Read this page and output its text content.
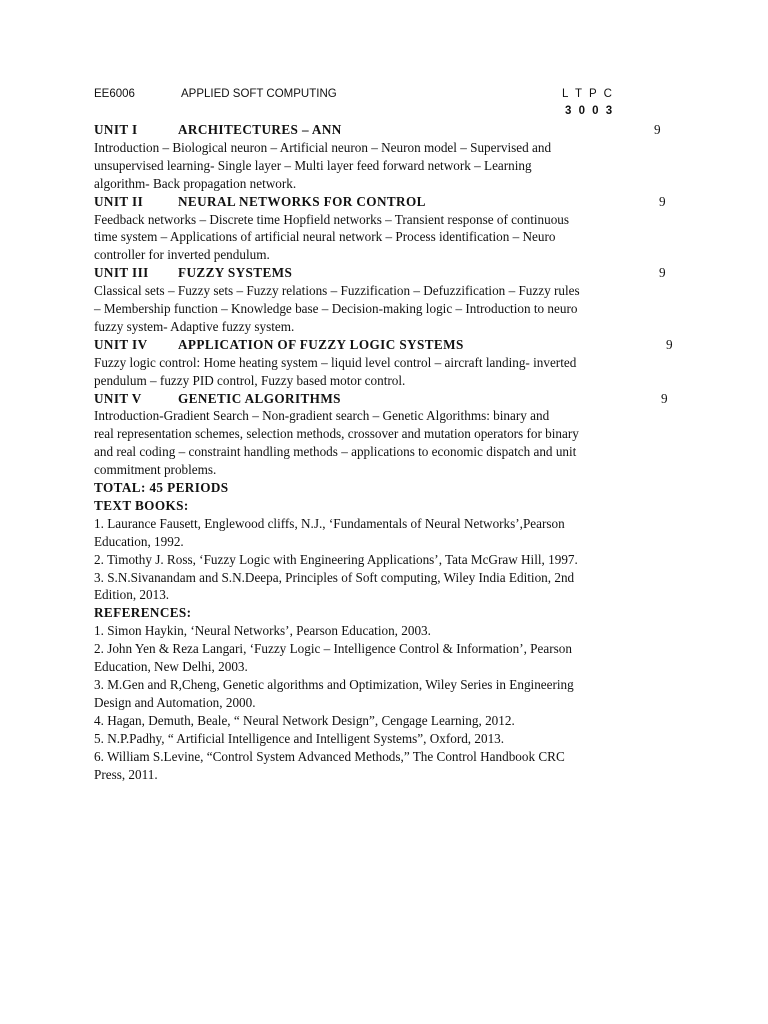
EE6006	APPLIED SOFT COMPUTING	L T P C
3 0 0 3
UNIT I	ARCHITECTURES – ANN	9

Introduction – Biological neuron – Artificial neuron – Neuron model – Supervised and

unsupervised learning- Single layer – Multi layer feed forward network – Learning

algorithm- Back propagation network.

UNIT II	NEURAL NETWORKS FOR CONTROL	9

Feedback networks – Discrete time Hopfield networks – Transient response of continuous

time system – Applications of artificial neural network – Process identification – Neuro

controller for inverted pendulum.

UNIT III FUZZY SYSTEMS	9

Classical sets – Fuzzy sets – Fuzzy relations – Fuzzification – Defuzzification – Fuzzy rules

– Membership function – Knowledge base – Decision-making logic – Introduction to neuro

fuzzy system- Adaptive fuzzy system.

UNIT IV APPLICATION OF FUZZY LOGIC SYSTEMS	9

Fuzzy logic control: Home heating system – liquid level control – aircraft landing- inverted

pendulum – fuzzy PID control, Fuzzy based motor control.

UNIT V	GENETIC ALGORITHMS	9

Introduction-Gradient Search – Non-gradient search – Genetic Algorithms: binary and

real representation schemes, selection methods, crossover and mutation operators for binary

and real coding – constraint handling methods – applications to economic dispatch and unit

commitment problems.

TOTAL: 45 PERIODS

TEXT BOOKS:

1. Laurance Fausett, Englewood cliffs, N.J., ‘Fundamentals of Neural Networks’,Pearson

Education, 1992.

2. Timothy J. Ross, ‘Fuzzy Logic with Engineering Applications’, Tata McGraw Hill, 1997.

3. S.N.Sivanandam and S.N.Deepa, Principles of Soft computing, Wiley India Edition, 2nd

Edition, 2013.

REFERENCES:

1. Simon Haykin, ‘Neural Networks’, Pearson Education, 2003.

2. John Yen & Reza Langari, ‘Fuzzy Logic – Intelligence Control & Information’, Pearson

Education, New Delhi, 2003.

3. M.Gen and R,Cheng, Genetic algorithms and Optimization, Wiley Series in Engineering

Design and Automation, 2000.

4. Hagan, Demuth, Beale, “ Neural Network Design”, Cengage Learning, 2012.

5. N.P.Padhy, “ Artificial Intelligence and Intelligent Systems”, Oxford, 2013.

6. William S.Levine, “Control System Advanced Methods,” The Control Handbook CRC

Press, 2011.
